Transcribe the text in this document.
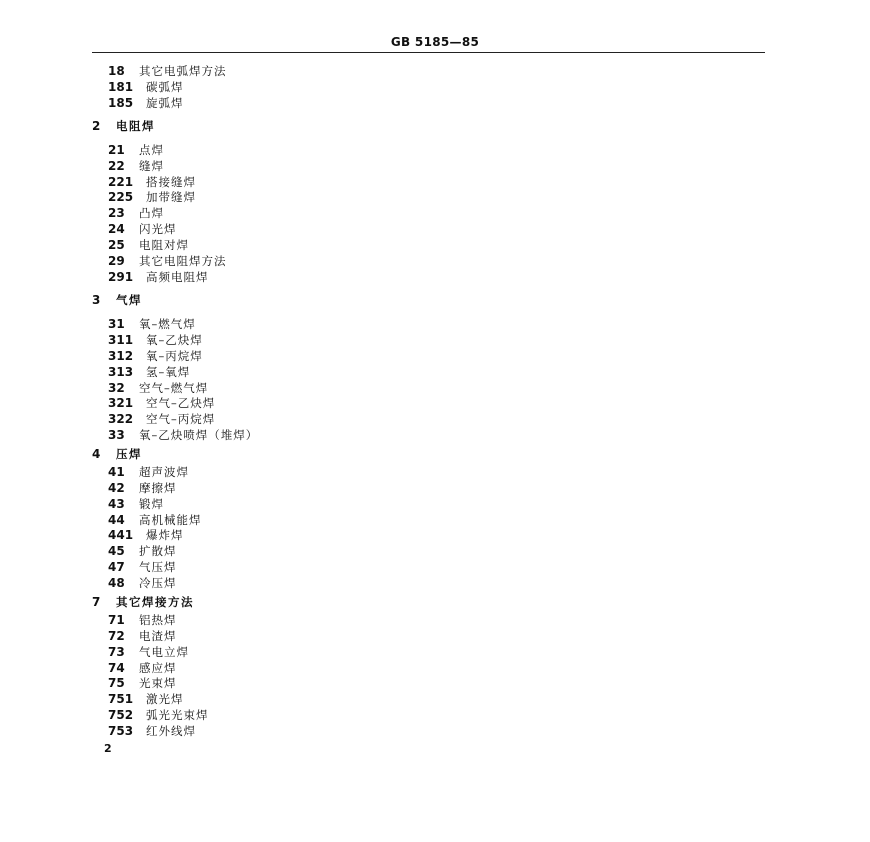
GB 5185—85
18 其它电弧焊方法
181 碳弧焊
185 旋弧焊
2 电阻焊
21 点焊
22 缝焊
221 搭接缝焊
225 加带缝焊
23 凸焊
24 闪光焊
25 电阻对焊
29 其它电阻焊方法
291 高频电阻焊
3 气焊
31 氧–燃气焊
311 氧–乙炔焊
312 氧–丙烷焊
313 氢–氧焊
32 空气–燃气焊
321 空气–乙炔焊
322 空气–丙烷焊
33 氧–乙炔喷焊（堆焊）
4 压焊
41 超声波焊
42 摩擦焊
43 锻焊
44 高机械能焊
441 爆炸焊
45 扩散焊
47 气压焊
48 冷压焊
7 其它焊接方法
71 铝热焊
72 电渣焊
73 气电立焊
74 感应焊
75 光束焊
751 激光焊
752 弧光光束焊
753 红外线焊
2
